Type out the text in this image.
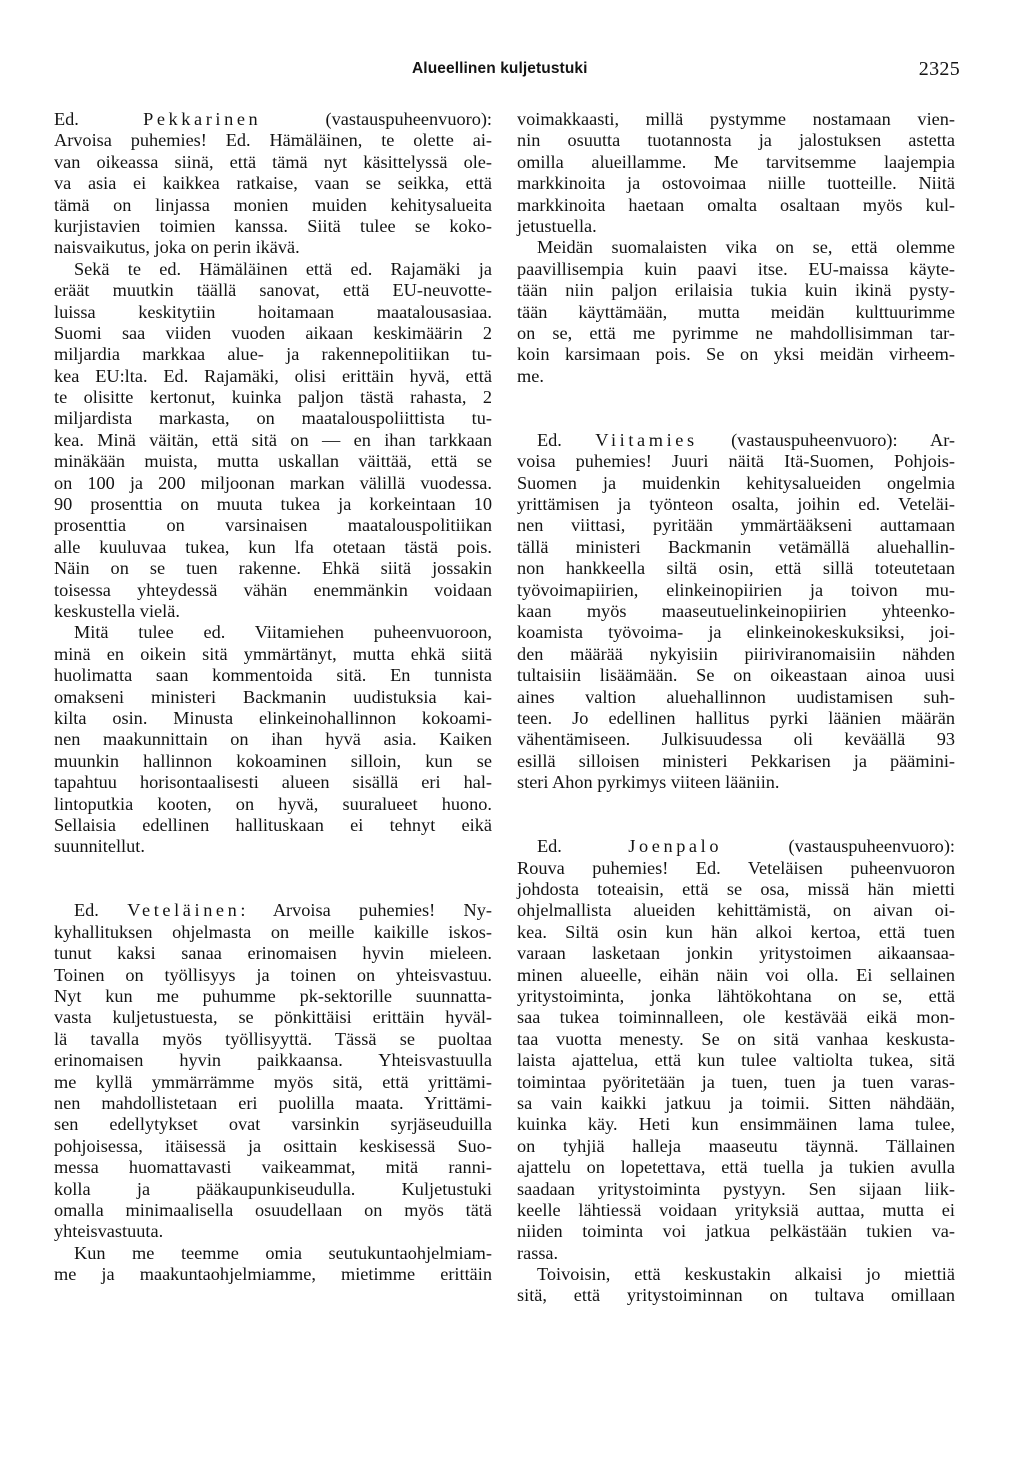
Alueellinen kuljetustuki	2325
Ed. Pekkarinen (vastauspuheenvuoro):
Arvoisa puhemies! Ed. Hämäläinen, te olette ai-
van oikeassa siinä, että tämä nyt käsittelyssä ole-
va asia ei kaikkea ratkaise, vaan se seikka, että
tämä on linjassa monien muiden kehitysalueita
kurjistavien toimien kanssa. Siitä tulee se koko-
naisvaikutus, joka on perin ikävä.
Sekä te ed. Hämäläinen että ed. Rajamäki ja
eräät muutkin täällä sanovat, että EU-neuvotte-
luissa keskitytiin hoitamaan maatalousasiaa.
Suomi saa viiden vuoden aikaan keskimäärin 2
miljardia markkaa alue- ja rakennepolitiikan tu-
kea EU:lta. Ed. Rajamäki, olisi erittäin hyvä, että
te olisitte kertonut, kuinka paljon tästä rahasta, 2
miljardista markasta, on maatalouspoliittista tu-
kea. Minä väitän, että sitä on — en ihan tarkkaan
minäkään muista, mutta uskallan väittää, että se
on 100 ja 200 miljoonan markan välillä vuodessa.
90 prosenttia on muuta tukea ja korkeintaan 10
prosenttia on varsinaisen maatalouspolitiikan
alle kuuluvaa tukea, kun lfa otetaan tästä pois.
Näin on se tuen rakenne. Ehkä siitä jossakin
toisessa yhteydessä vähän enemmänkin voidaan
keskustella vielä.
Mitä tulee ed. Viitamiehen puheenvuoroon,
minä en oikein sitä ymmärtänyt, mutta ehkä siitä
huolimatta saan kommentoida sitä. En tunnista
omakseni ministeri Backmanin uudistuksia kai-
kilta osin. Minusta elinkeinohallinnon kokoami-
nen maakunnittain on ihan hyvä asia. Kaiken
muunkin hallinnon kokoaminen silloin, kun se
tapahtuu horisontaalisesti alueen sisällä eri hal-
lintoputkia kooten, on hyvä, suuralueet huono.
Sellaisia edellinen hallituskaan ei tehnyt eikä
suunnitellut.
Ed. Veteläinen: Arvoisa puhemies! Ny-
kyhallituksen ohjelmasta on meille kaikille iskos-
tunut kaksi sanaa erinomaisen hyvin mieleen.
Toinen on työllisyys ja toinen on yhteisvastuu.
Nyt kun me puhumme pk-sektorille suunnatta-
vasta kuljetustuesta, se pönkittäisi erittäin hyväl-
lä tavalla myös työllisyyttä. Tässä se puoltaa
erinomaisen hyvin paikkaansa. Yhteisvastuulla
me kyllä ymmärrämme myös sitä, että yrittämi-
nen mahdollistetaan eri puolilla maata. Yrittämi-
sen edellytykset ovat varsinkin syrjäseuduilla
pohjoisessa, itäisessä ja osittain keskisessä Suo-
messa huomattavasti vaikeammat, mitä ranni-
kolla ja pääkaupunkiseudulla. Kuljetustuki
omalla minimaalisella osuudellaan on myös tätä
yhteisvastuuta.
Kun me teemme omia seutukuntaohjelmiam-
me ja maakuntaohjelmiamme, mietimme erittäin
voimakkaasti, millä pystymme nostamaan vien-
nin osuutta tuotannosta ja jalostuksen astetta
omilla alueillamme. Me tarvitsemme laajempia
markkinoita ja ostovoimaa niille tuotteille. Niitä
markkinoita haetaan omalta osaltaan myös kul-
jetustuella.
Meidän suomalaisten vika on se, että olemme
paavillisempia kuin paavi itse. EU-maissa käyte-
tään niin paljon erilaisia tukia kuin ikinä pysty-
tään käyttämään, mutta meidän kulttuurimme
on se, että me pyrimme ne mahdollisimman tar-
koin karsimaan pois. Se on yksi meidän virheem-
me.
Ed. Viitamies (vastauspuheenvuoro): Ar-
voisa puhemies! Juuri näitä Itä-Suomen, Pohjois-
Suomen ja muidenkin kehitysalueiden ongelmia
yrittämisen ja työnteon osalta, joihin ed. Veteläi-
nen viittasi, pyritään ymmärtääkseni auttamaan
tällä ministeri Backmanin vetämällä aluehallin-
non hankkeella siltä osin, että sillä toteutetaan
työvoimapiirien, elinkeinopiirien ja toivon mu-
kaan myös maaseutuelinkeinopiirien yhteenko-
koamista työvoima- ja elinkeinokeskuksiksi, joi-
den määrää nykyisiin piiriviranomaisiin nähden
tultaisiin lisäämään. Se on oikeastaan ainoa uusi
aines valtion aluehallinnon uudistamisen suh-
teen. Jo edellinen hallitus pyrki läänien määrän
vähentämiseen. Julkisuudessa oli keväällä 93
esillä silloisen ministeri Pekkarisen ja päämini-
steri Ahon pyrkimys viiteen lääniin.
Ed. Joenpalo (vastauspuheenvuoro):
Rouva puhemies! Ed. Veteläisen puheenvuoron
johdosta toteaisin, että se osa, missä hän mietti
ohjelmallista alueiden kehittämistä, on aivan oi-
kea. Siltä osin kun hän alkoi kertoa, että tuen
varaan lasketaan jonkin yritystoimen aikaansaa-
minen alueelle, eihän näin voi olla. Ei sellainen
yritystoiminta, jonka lähtökohtana on se, että
saa tukea toiminnalleen, ole kestävää eikä mon-
taa vuotta menesty. Se on sitä vanhaa keskusta-
laista ajattelua, että kun tulee valtiolta tukea, sitä
toimintaa pyöritetään ja tuen, tuen ja tuen varas-
sa vain kaikki jatkuu ja toimii. Sitten nähdään,
kuinka käy. Heti kun ensimmäinen lama tulee,
on tyhjiä halleja maaseutu täynnä. Tällainen
ajattelu on lopetettava, että tuella ja tukien avulla
saadaan yritystoiminta pystyyn. Sen sijaan liik-
keelle lähtiessä voidaan yrityksiä auttaa, mutta ei
niiden toiminta voi jatkua pelkästään tukien va-
rassa.
Toivoisin, että keskustakin alkaisi jo miettiä
sitä, että yritystoiminnan on tultava omillaan
